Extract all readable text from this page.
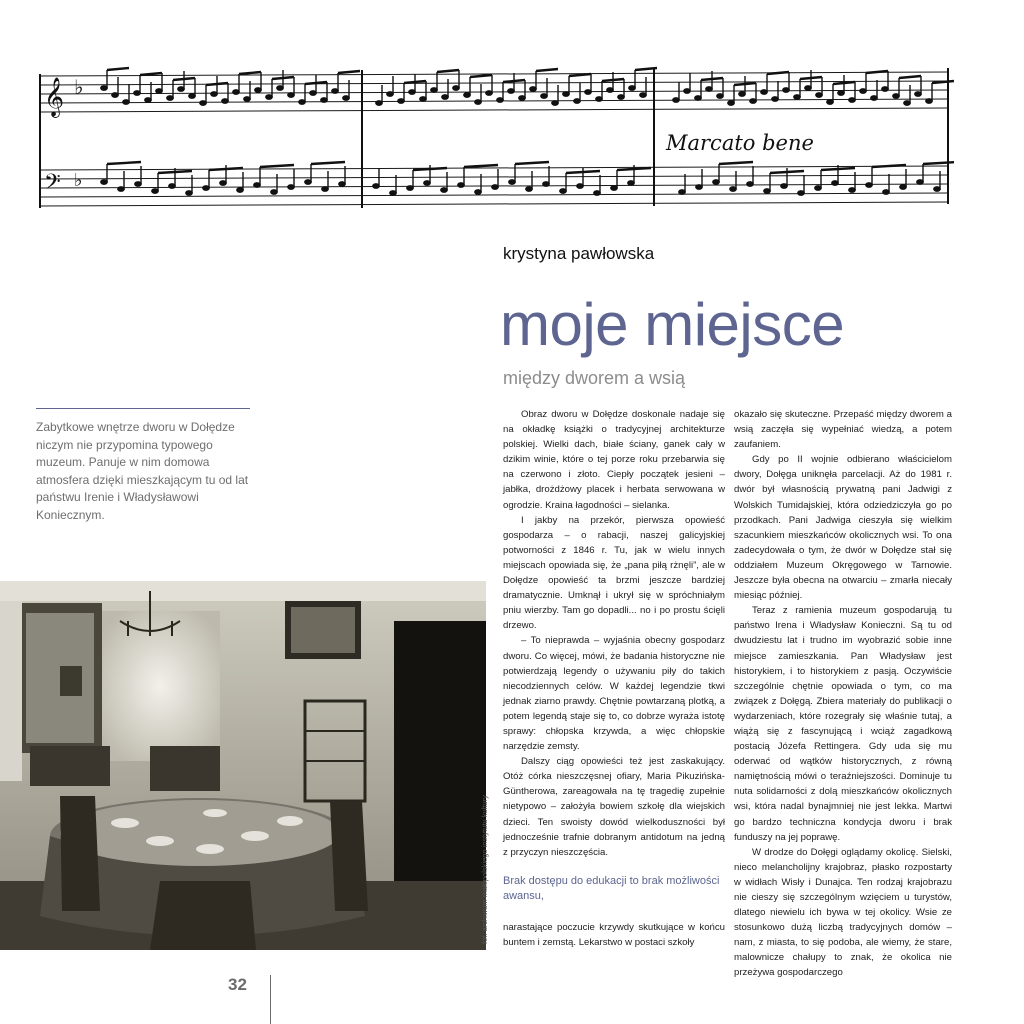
𝄞
𝄢
♭
♭
Marcato bene
krystyna pawłowska
moje miejsce
między dworem a wsią
Zabytkowe wnętrze dworu w Dołędze niczym nie przypomina typowego muzeum. Panuje w nim domowa atmosfera dzięki mieszkającym tu od lat państwu Irenie i Władysławowi Koniecznym.
fot. archiwum małopolskiego instytutu kultury

Obraz dworu w Dołędze doskonale nadaje się na okładkę książki o tradycyjnej architekturze polskiej. Wielki dach, białe ściany, ganek cały w dzikim winie, które o tej porze roku przebarwia się na czerwono i złoto. Ciepły początek jesieni – jabłka, drożdżowy placek i herbata serwowana w ogrodzie. Kraina łagodności – sielanka.

I jakby na przekór, pierwsza opowieść gospodarza – o rabacji, naszej galicyjskiej potworności z 1846 r. Tu, jak w wielu innych miejscach opowiada się, że „pana piłą rżnęli”, ale w Dołędze opowieść ta brzmi jeszcze bardziej dramatycznie. Umknął i ukrył się w spróchniałym pniu wierzby. Tam go dopadli... no i po prostu ścięli drzewo.

– To nieprawda – wyjaśnia obecny gospodarz dworu. Co więcej, mówi, że badania historyczne nie potwierdzają legendy o używaniu piły do takich niecodziennych celów. W każdej legendzie tkwi jednak ziarno prawdy. Chętnie powtarzaną plotką, a potem legendą staje się to, co dobrze wyraża istotę sprawy: chłopska krzywda, a więc chłopskie narzędzie zemsty.

Dalszy ciąg opowieści też jest zaskakujący. Otóż córka nieszczęsnej ofiary, Maria Pikuzińska-Güntherowa, zareagowała na tę tragedię zupełnie nietypowo – założyła bowiem szkołę dla wiejskich dzieci. Ten swoisty dowód wielkoduszności był jednocześnie trafnie dobranym antidotum na jedną z przyczyn nieszczęścia.

Brak dostępu do edukacji to brak możliwości awansu,

narastające poczucie krzywdy skutkujące w końcu buntem i zemstą. Lekarstwo w postaci szkoły

okazało się skuteczne. Przepaść między dworem a wsią zaczęła się wypełniać wiedzą, a potem zaufaniem.

Gdy po II wojnie odbierano właścicielom dwory, Dołęga uniknęła parcelacji. Aż do 1981 r. dwór był własnością prywatną pani Jadwigi z Wolskich Tumidajskiej, która odziedziczyła go po przodkach. Pani Jadwiga cieszyła się wielkim szacunkiem mieszkańców okolicznych wsi. To ona zadecydowała o tym, że dwór w Dołędze stał się oddziałem Muzeum Okręgowego w Tarnowie. Jeszcze była obecna na otwarciu – zmarła niecały miesiąc później.

Teraz z ramienia muzeum gospodarują tu państwo Irena i Władysław Konieczni. Są tu od dwudziestu lat i trudno im wyobrazić sobie inne miejsce zamieszkania. Pan Władysław jest historykiem, i to historykiem z pasją. Oczywiście szczególnie chętnie opowiada o tym, co ma związek z Dołęgą. Zbiera materiały do publikacji o wydarzeniach, które rozegrały się właśnie tutaj, a wiążą się z fascynującą i wciąż zagadkową postacią Józefa Rettingera. Gdy uda się mu oderwać od wątków historycznych, z równą namiętnością mówi o teraźniejszości. Dominuje tu nuta solidarności z dolą mieszkańców okolicznych wsi, która nadal bynajmniej nie jest lekka. Martwi go bardzo techniczna kondycja dworu i brak funduszy na jej poprawę.

W drodze do Dołęgi oglądamy okolicę. Sielski, nieco melancholijny krajobraz, płasko rozpostarty w widłach Wisły i Dunajca. Ten rodzaj krajobrazu nie cieszy się szczególnym wzięciem u turystów, dlatego niewielu ich bywa w tej okolicy. Wsie ze stosunkowo dużą liczbą tradycyjnych domów – nam, z miasta, to się podoba, ale wiemy, że stare, malownicze chałupy to znak, że okolica nie przeżywa gospodarczego

32
